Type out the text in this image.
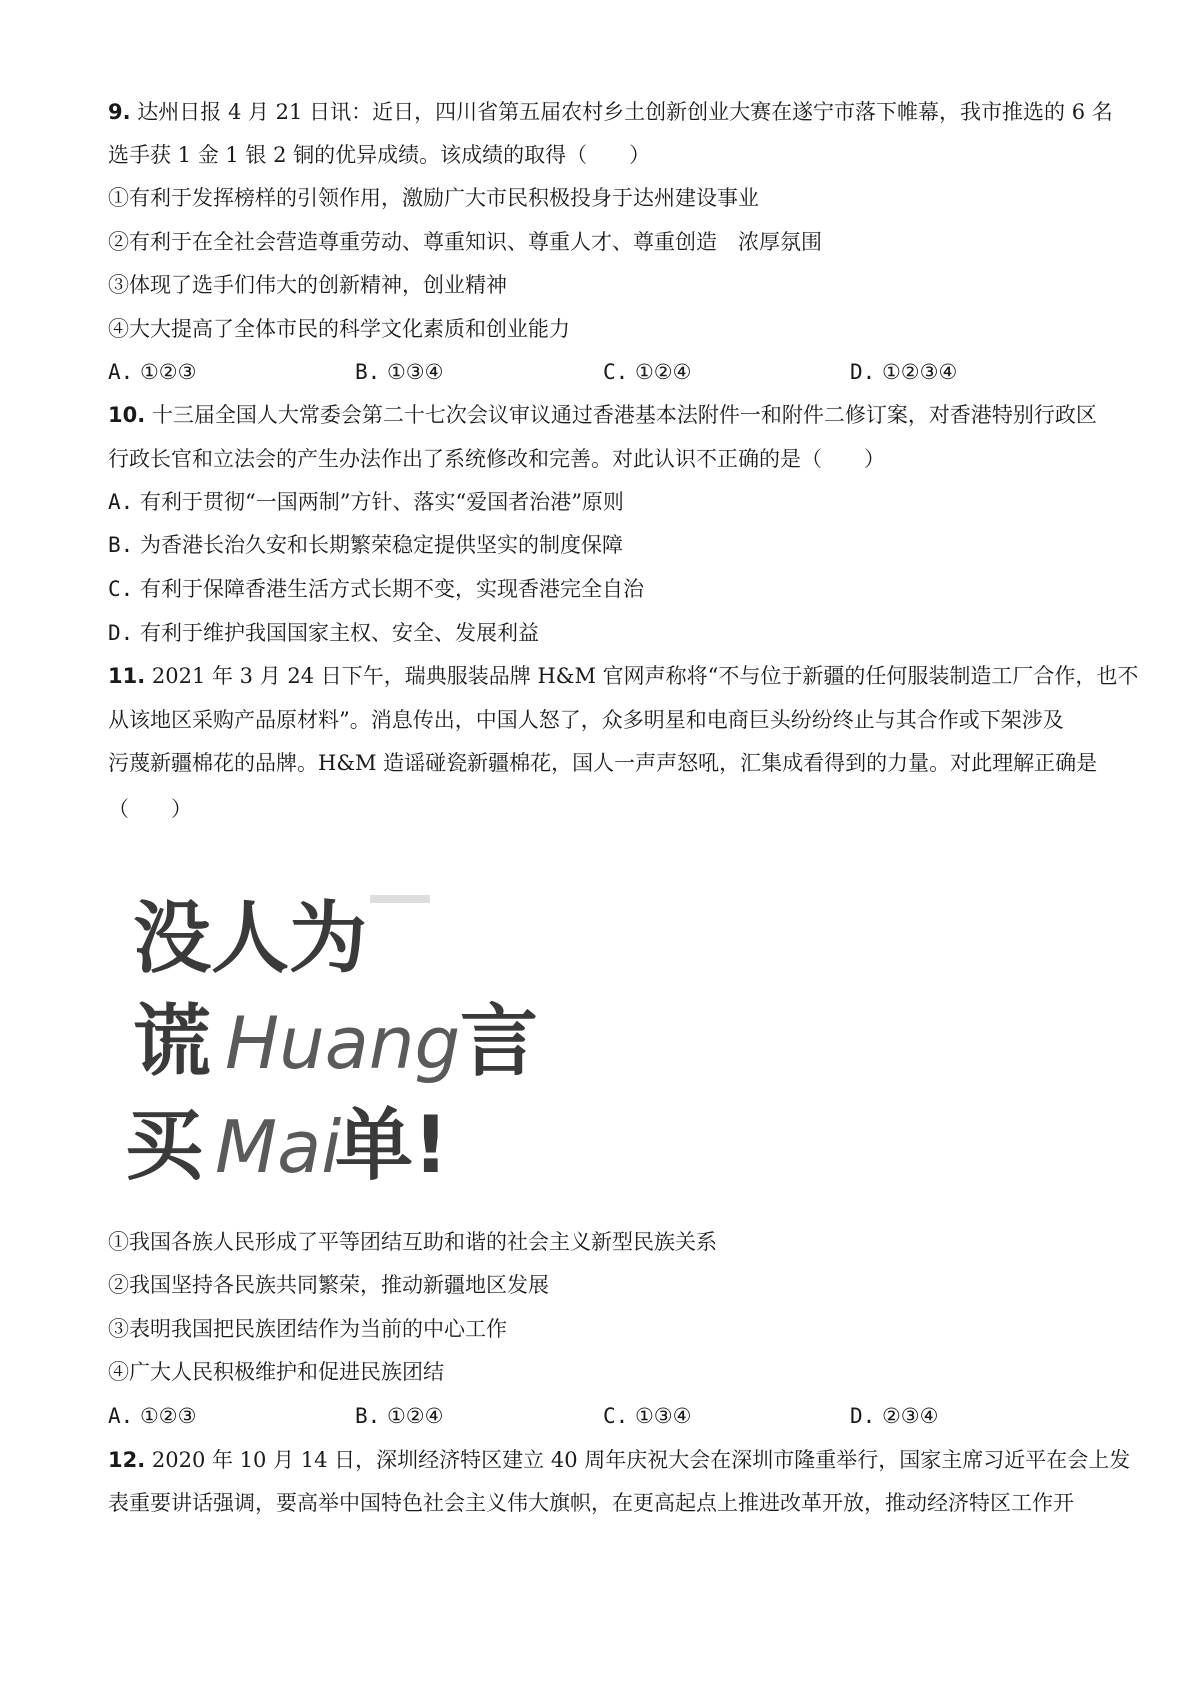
9. 达州日报 4 月 21 日讯：近日，四川省第五届农村乡土创新创业大赛在遂宁市落下帷幕，我市推选的 6 名
选手获 1 金 1 银 2 铜的优异成绩。该成绩的取得（　　）
①有利于发挥榜样的引领作用，激励广大市民积极投身于达州建设事业
②有利于在全社会营造尊重劳动、尊重知识、尊重人才、尊重创造　浓厚氛围
③体现了选手们伟大的创新精神，创业精神
④大大提高了全体市民的科学文化素质和创业能力
A. ①②③	B. ①③④	C. ①②④	D. ①②③④
10. 十三届全国人大常委会第二十七次会议审议通过香港基本法附件一和附件二修订案，对香港特别行政区
行政长官和立法会的产生办法作出了系统修改和完善。对此认识不正确的是（　　）
A. 有利于贯彻“一国两制”方针、落实“爱国者治港”原则
B. 为香港长治久安和长期繁荣稳定提供坚实的制度保障
C. 有利于保障香港生活方式长期不变，实现香港完全自治
D. 有利于维护我国国家主权、安全、发展利益
11. 2021 年 3 月 24 日下午，瑞典服装品牌 H&M 官网声称将“不与位于新疆的任何服装制造工厂合作，也不
从该地区采购产品原材料”。消息传出，中国人怒了，众多明星和电商巨头纷纷终止与其合作或下架涉及
污蔑新疆棉花的品牌。H&M 造谣碰瓷新疆棉花，国人一声声怒吼，汇集成看得到的力量。对此理解正确是
（　　）
没人为
谎 Huang 言
买 Mai
单!
①我国各族人民形成了平等团结互助和谐的社会主义新型民族关系
②我国坚持各民族共同繁荣，推动新疆地区发展
③表明我国把民族团结作为当前的中心工作
④广大人民积极维护和促进民族团结
A. ①②③	B. ①②④	C. ①③④	D. ②③④
12. 2020 年 10 月 14 日，深圳经济特区建立 40 周年庆祝大会在深圳市隆重举行，国家主席习近平在会上发
表重要讲话强调，要高举中国特色社会主义伟大旗帜，在更高起点上推进改革开放，推动经济特区工作开
